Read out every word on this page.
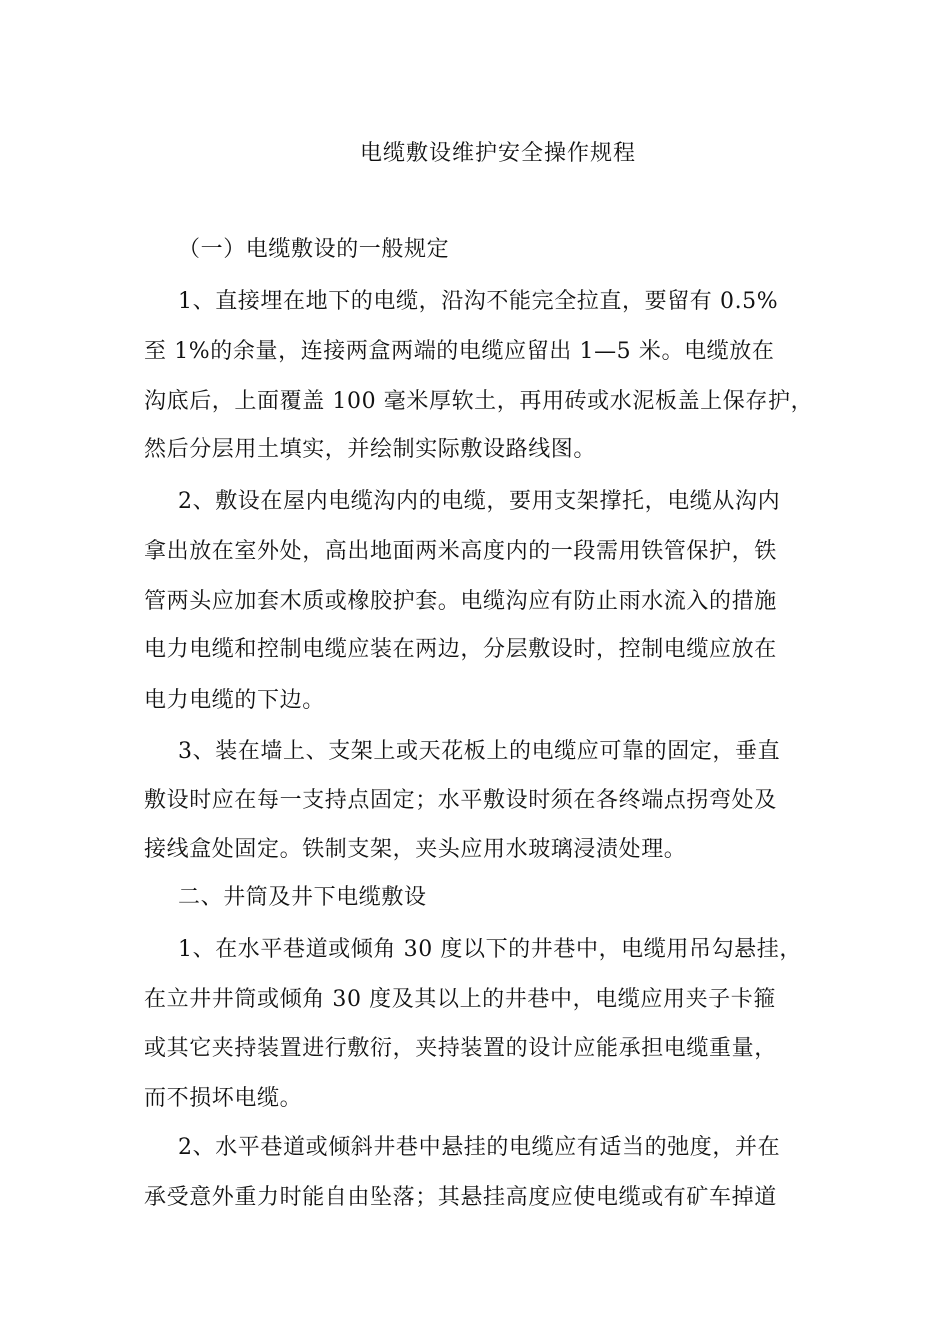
电缆敷设维护安全操作规程
（一）电缆敷设的一般规定
1、直接埋在地下的电缆，沿沟不能完全拉直，要留有 0.5%
至 1%的余量，连接两盒两端的电缆应留出 1—5 米。电缆放在
沟底后，上面覆盖 100 毫米厚软土，再用砖或水泥板盖上保存护，
然后分层用土填实，并绘制实际敷设路线图。
2、敷设在屋内电缆沟内的电缆，要用支架撑托，电缆从沟内
拿出放在室外处，高出地面两米高度内的一段需用铁管保护，铁
管两头应加套木质或橡胶护套。电缆沟应有防止雨水流入的措施
电力电缆和控制电缆应装在两边，分层敷设时，控制电缆应放在
电力电缆的下边。
3、装在墙上、支架上或天花板上的电缆应可靠的固定，垂直
敷设时应在每一支持点固定；水平敷设时须在各终端点拐弯处及
接线盒处固定。铁制支架，夹头应用水玻璃浸渍处理。
二、井筒及井下电缆敷设
1、在水平巷道或倾角 30 度以下的井巷中，电缆用吊勾悬挂，
在立井井筒或倾角 30 度及其以上的井巷中，电缆应用夹子卡箍
或其它夹持装置进行敷衍，夹持装置的设计应能承担电缆重量，
而不损坏电缆。
2、水平巷道或倾斜井巷中悬挂的电缆应有适当的弛度，并在
承受意外重力时能自由坠落；其悬挂高度应使电缆或有矿车掉道
